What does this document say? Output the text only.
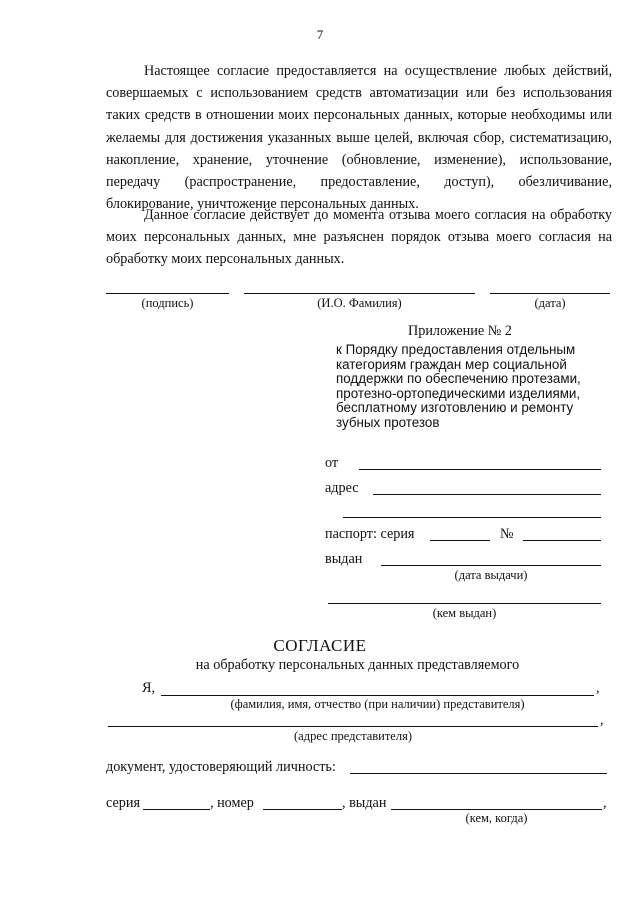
7
Настоящее согласие предоставляется на осуществление любых действий, совершаемых с использованием средств автоматизации или без использования таких средств в отношении моих персональных данных, которые необходимы или желаемы для достижения указанных выше целей, включая сбор, систематизацию, накопление, хранение, уточнение (обновление, изменение), использование, передачу (распространение, предоставление, доступ), обезличивание, блокирование, уничтожение персональных данных.
Данное согласие действует до момента отзыва моего согласия на обработку моих персональных данных, мне разъяснен порядок отзыва моего согласия на обработку моих персональных данных.
(подпись)	(И.О. Фамилия)	(дата)
Приложение № 2
к Порядку предоставления отдельным категориям граждан мер социальной поддержки по обеспечению протезами, протезно-ортопедическими изделиями, бесплатному изготовлению и ремонту зубных протезов
от
адрес
паспорт: серия	№
выдан
(дата выдачи)
(кем выдан)
СОГЛАСИЕ
на обработку персональных данных представляемого
Я,	,
(фамилия, имя, отчество (при наличии) представителя)
,
(адрес представителя)
документ, удостоверяющий личность:
серия	, номер	, выдан	,
(кем, когда)
